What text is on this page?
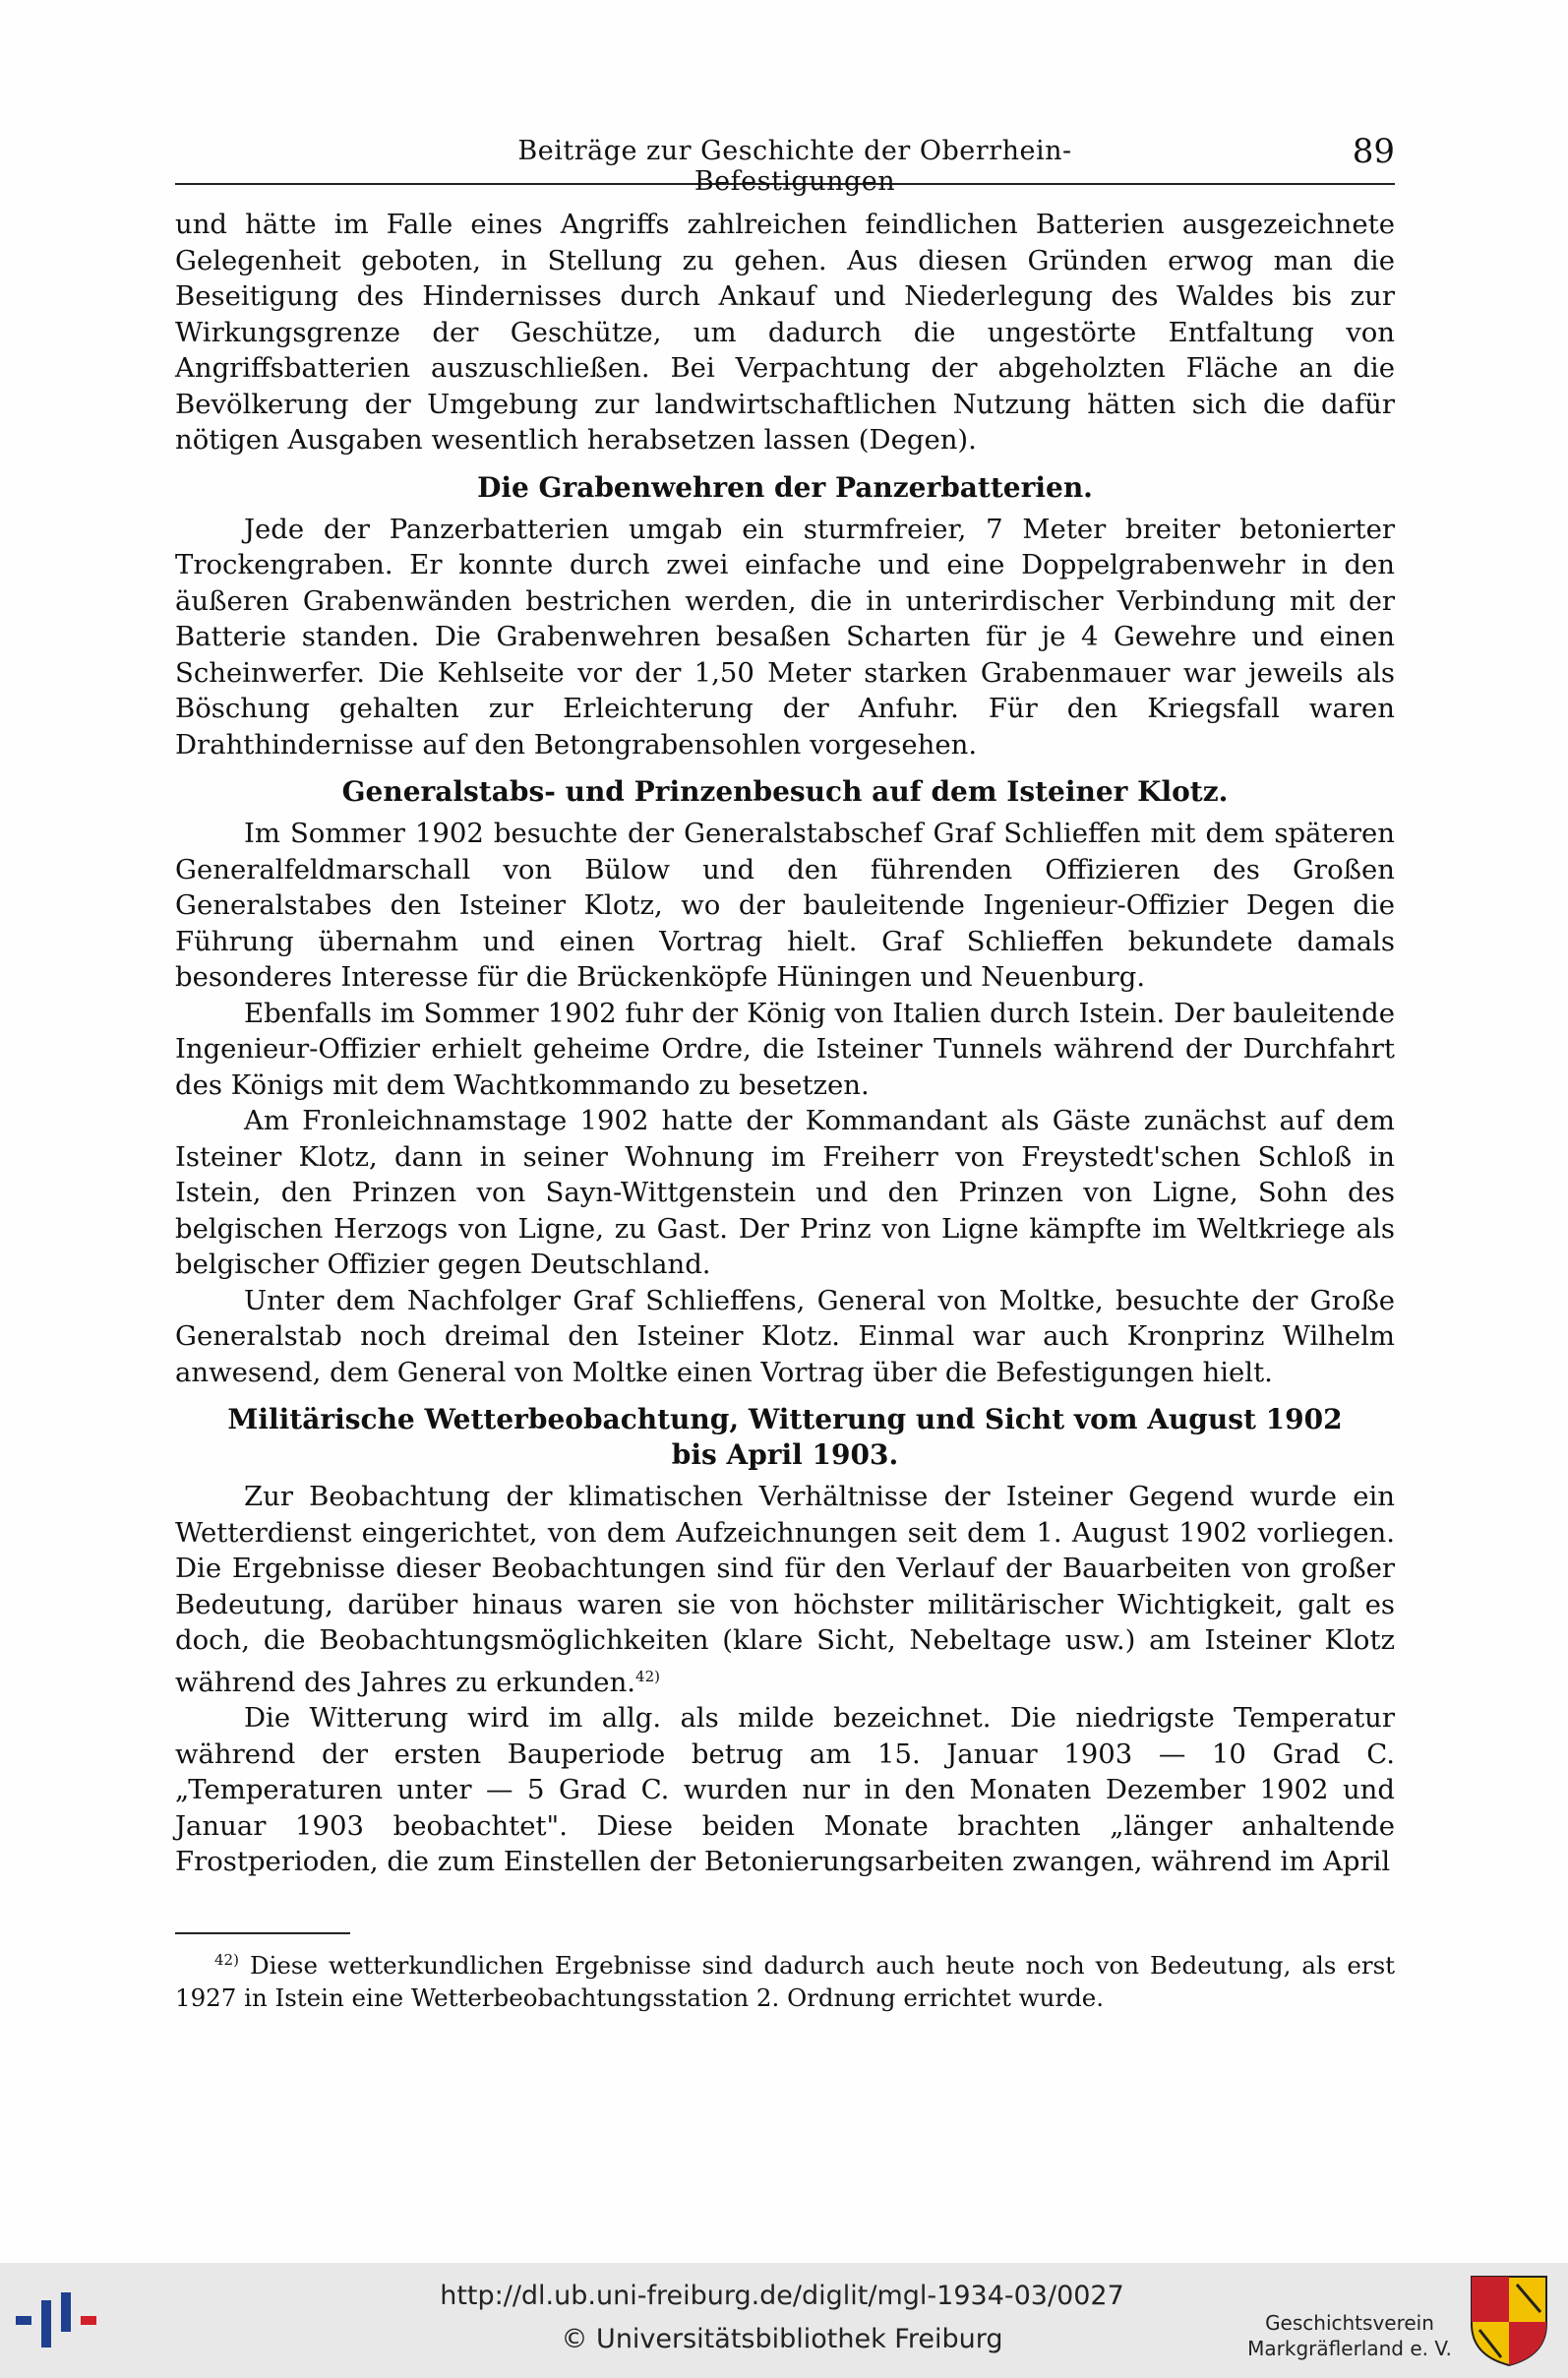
Beiträge zur Geschichte der Oberrhein-Befestigungen
89

und hätte im Falle eines Angriffs zahlreichen feindlichen Batterien ausgezeichnete Gelegenheit geboten, in Stellung zu gehen. Aus diesen Gründen erwog man die Beseitigung des Hindernisses durch Ankauf und Niederlegung des Waldes bis zur Wirkungsgrenze der Geschütze, um dadurch die ungestörte Entfaltung von Angriffsbatterien auszuschließen. Bei Verpachtung der abgeholzten Fläche an die Bevölkerung der Umgebung zur landwirtschaftlichen Nutzung hätten sich die dafür nötigen Ausgaben wesentlich herabsetzen lassen (Degen).

Die Grabenwehren der Panzerbatterien.

Jede der Panzerbatterien umgab ein sturmfreier, 7 Meter breiter betonierter Trockengraben. Er konnte durch zwei einfache und eine Doppelgrabenwehr in den äußeren Grabenwänden bestrichen werden, die in unterirdischer Verbindung mit der Batterie standen. Die Grabenwehren besaßen Scharten für je 4 Gewehre und einen Scheinwerfer. Die Kehlseite vor der 1,50 Meter starken Grabenmauer war jeweils als Böschung gehalten zur Erleichterung der Anfuhr. Für den Kriegsfall waren Drahthindernisse auf den Betongrabensohlen vorgesehen.

Generalstabs- und Prinzenbesuch auf dem Isteiner Klotz.

Im Sommer 1902 besuchte der Generalstabschef Graf Schlieffen mit dem späteren Generalfeldmarschall von Bülow und den führenden Offizieren des Großen Generalstabes den Isteiner Klotz, wo der bauleitende Ingenieur-Offizier Degen die Führung übernahm und einen Vortrag hielt. Graf Schlieffen bekundete damals besonderes Interesse für die Brückenköpfe Hüningen und Neuenburg.

Ebenfalls im Sommer 1902 fuhr der König von Italien durch Istein. Der bauleitende Ingenieur-Offizier erhielt geheime Ordre, die Isteiner Tunnels während der Durchfahrt des Königs mit dem Wachtkommando zu besetzen.

Am Fronleichnamstage 1902 hatte der Kommandant als Gäste zunächst auf dem Isteiner Klotz, dann in seiner Wohnung im Freiherr von Freystedt'schen Schloß in Istein, den Prinzen von Sayn-Wittgenstein und den Prinzen von Ligne, Sohn des belgischen Herzogs von Ligne, zu Gast. Der Prinz von Ligne kämpfte im Weltkriege als belgischer Offizier gegen Deutschland.

Unter dem Nachfolger Graf Schlieffens, General von Moltke, besuchte der Große Generalstab noch dreimal den Isteiner Klotz. Einmal war auch Kronprinz Wilhelm anwesend, dem General von Moltke einen Vortrag über die Befestigungen hielt.

Militärische Wetterbeobachtung, Witterung und Sicht vom August 1902
bis April 1903.

Zur Beobachtung der klimatischen Verhältnisse der Isteiner Gegend wurde ein Wetterdienst eingerichtet, von dem Aufzeichnungen seit dem 1. August 1902 vorliegen. Die Ergebnisse dieser Beobachtungen sind für den Verlauf der Bauarbeiten von großer Bedeutung, darüber hinaus waren sie von höchster militärischer Wichtigkeit, galt es doch, die Beobachtungsmöglichkeiten (klare Sicht, Nebeltage usw.) am Isteiner Klotz während des Jahres zu erkunden.$^{42)}$

Die Witterung wird im allg. als milde bezeichnet. Die niedrigste Temperatur während der ersten Bauperiode betrug am 15. Januar 1903 — 10 Grad C. „Temperaturen unter — 5 Grad C. wurden nur in den Monaten Dezember 1902 und Januar 1903 beobachtet". Diese beiden Monate brachten „länger anhaltende Frostperioden, die zum Einstellen der Betonierungsarbeiten zwangen, während im April

$^{42)}$ Diese wetterkundlichen Ergebnisse sind dadurch auch heute noch von Bedeutung, als erst 1927 in Istein eine Wetterbeobachtungsstation 2. Ordnung errichtet wurde.

http://dl.ub.uni-freiburg.de/diglit/mgl-1934-03/0027
© Universitätsbibliothek Freiburg
Geschichtsverein
Markgräflerland e. V.
